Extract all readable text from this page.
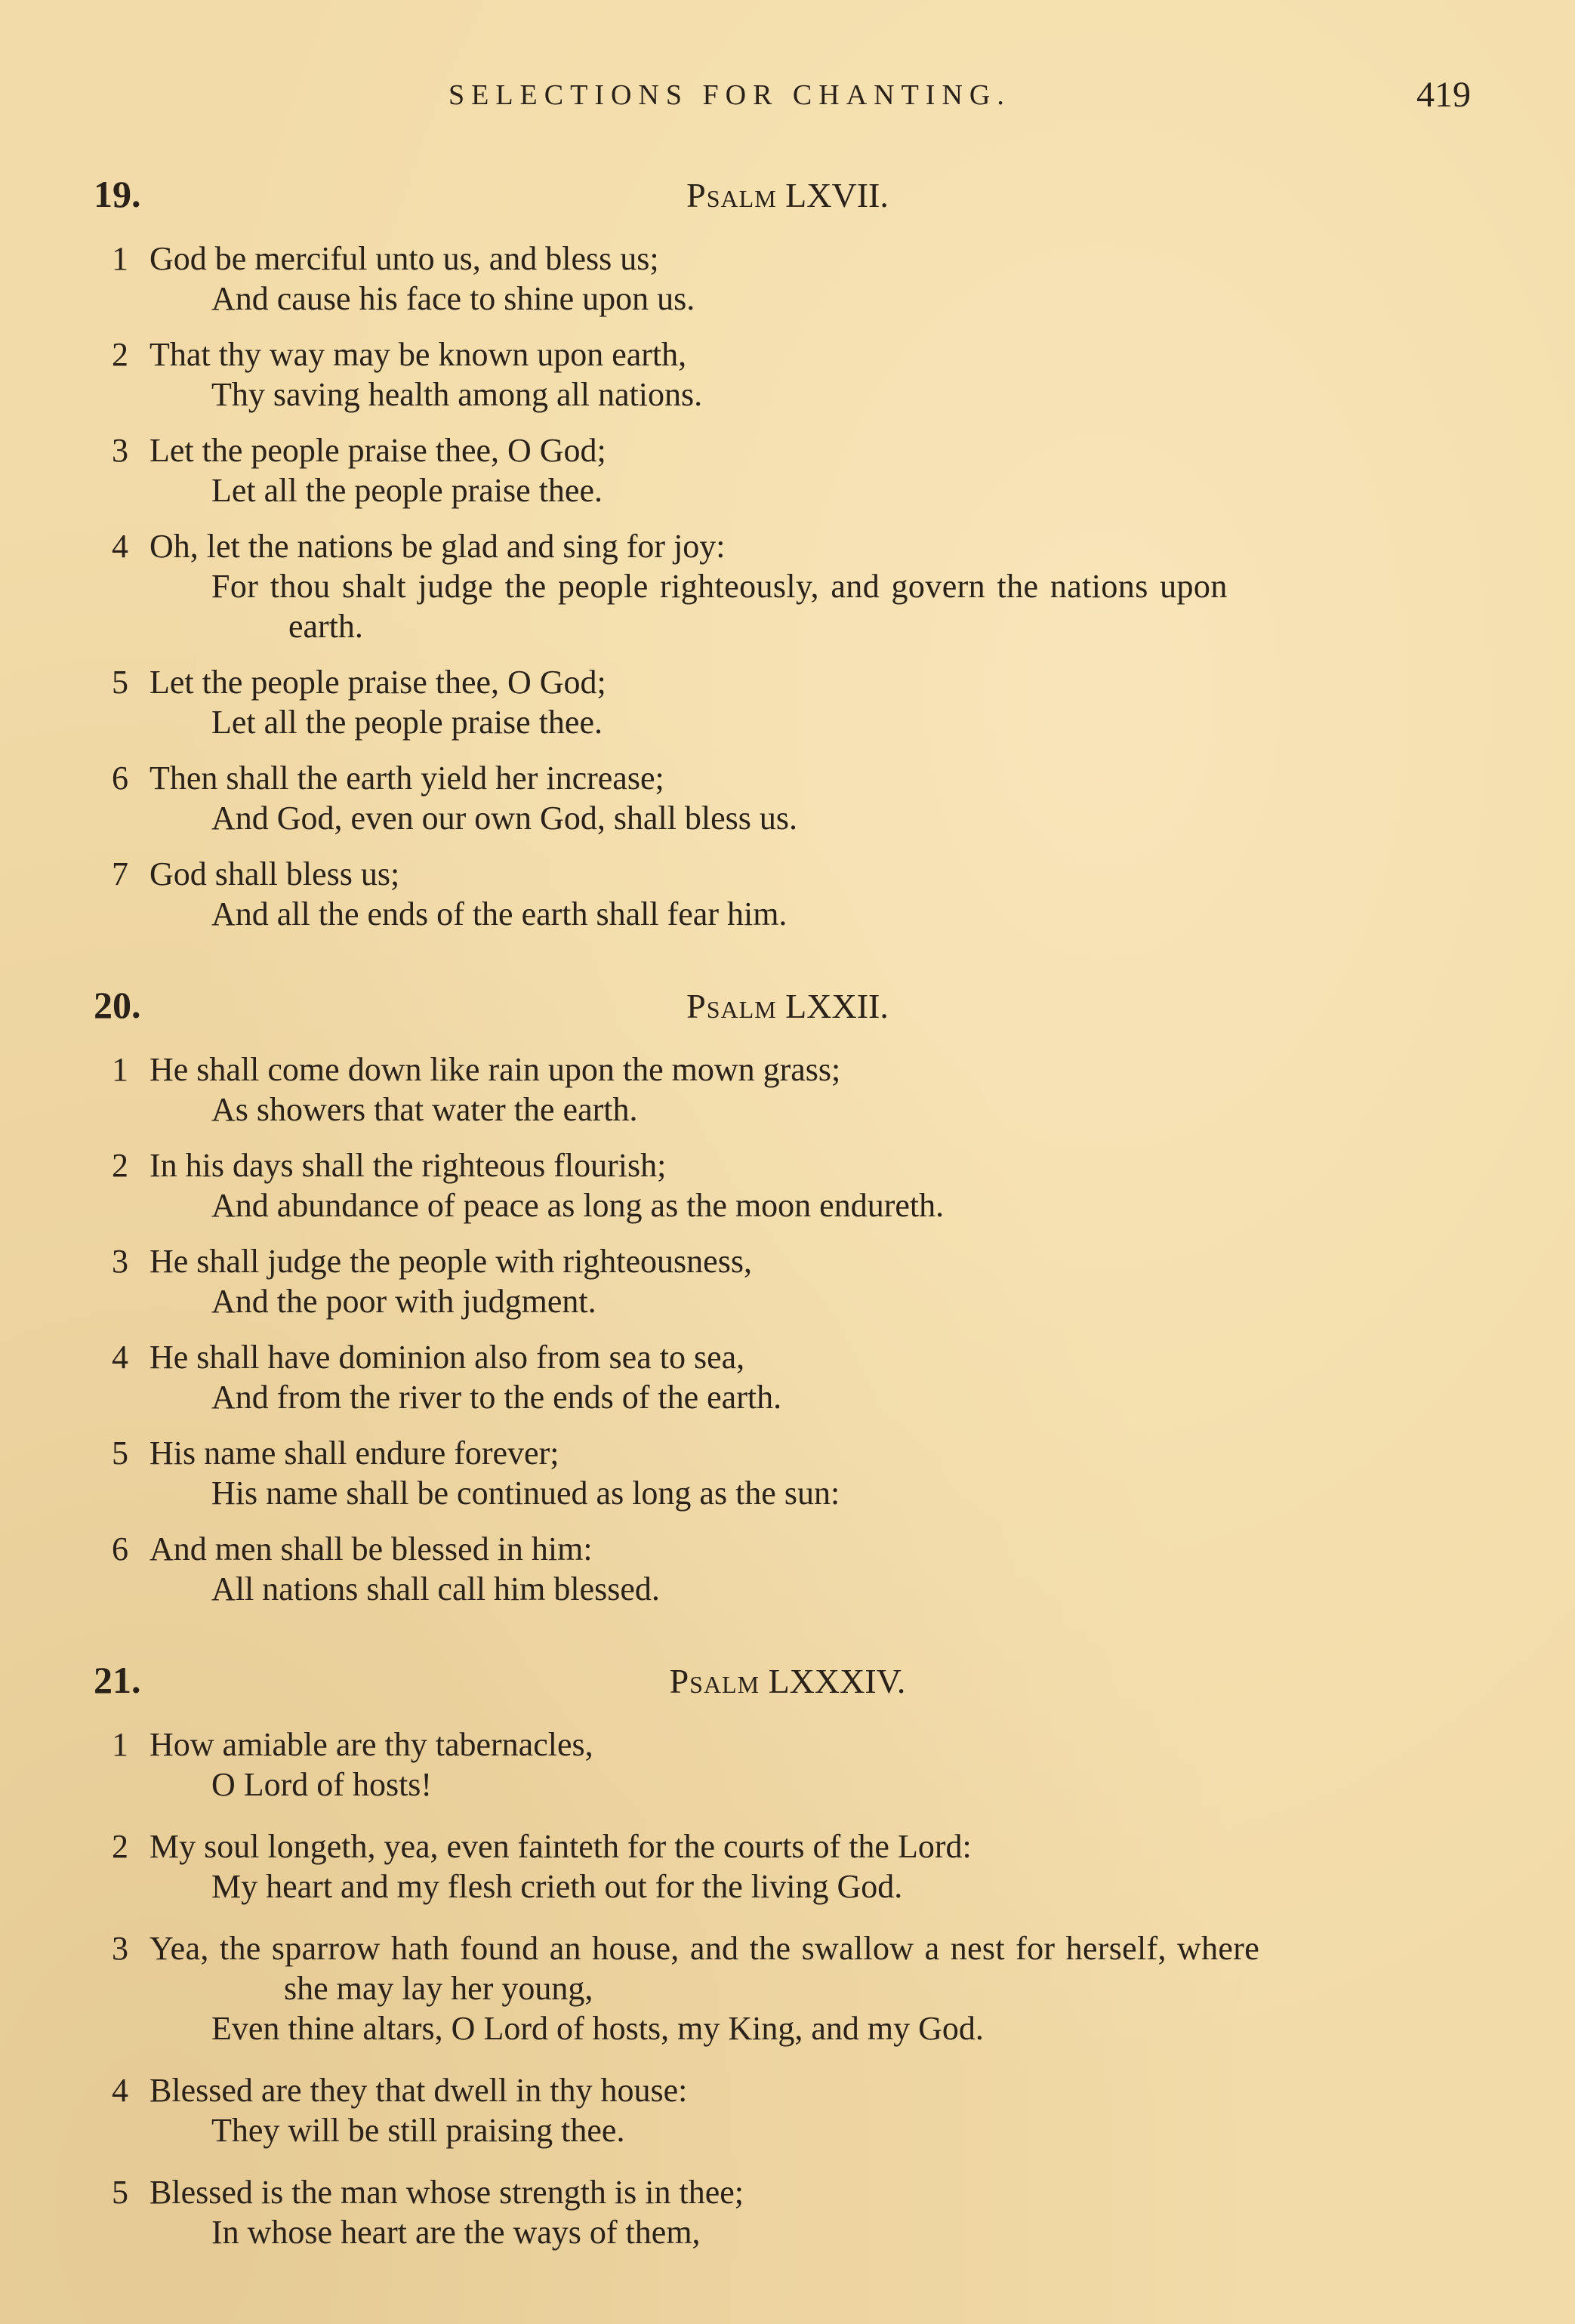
SELECTIONS FOR CHANTING.	419
19.	Psalm LXVII.
1 God be merciful unto us, and bless us;
And cause his face to shine upon us.
2 That thy way may be known upon earth,
Thy saving health among all nations.
3 Let the people praise thee, O God;
Let all the people praise thee.
4 Oh, let the nations be glad and sing for joy:
For thou shalt judge the people righteously, and govern the nations upon
earth.
5 Let the people praise thee, O God;
Let all the people praise thee.
6 Then shall the earth yield her increase;
And God, even our own God, shall bless us.
7 God shall bless us;
And all the ends of the earth shall fear him.
20.	Psalm LXXII.
1 He shall come down like rain upon the mown grass;
As showers that water the earth.
2 In his days shall the righteous flourish;
And abundance of peace as long as the moon endureth.
3 He shall judge the people with righteousness,
And the poor with judgment.
4 He shall have dominion also from sea to sea,
And from the river to the ends of the earth.
5 His name shall endure forever;
His name shall be continued as long as the sun:
6 And men shall be blessed in him:
All nations shall call him blessed.
21.	Psalm LXXXIV.
1 How amiable are thy tabernacles,
O Lord of hosts!
2 My soul longeth, yea, even fainteth for the courts of the Lord:
My heart and my flesh crieth out for the living God.
3 Yea, the sparrow hath found an house, and the swallow a nest for herself, where
she may lay her young,
Even thine altars, O Lord of hosts, my King, and my God.
4 Blessed are they that dwell in thy house:
They will be still praising thee.
5 Blessed is the man whose strength is in thee;
In whose heart are the ways of them,
